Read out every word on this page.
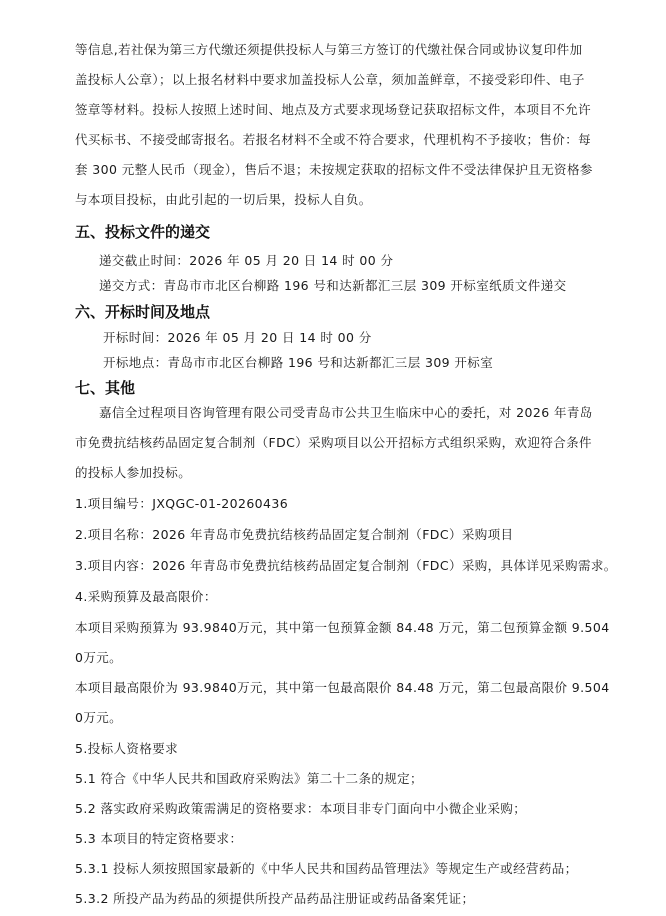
等信息,若社保为第三方代缴还须提供投标人与第三方签订的代缴社保合同或协议复印件加
盖投标人公章）；以上报名材料中要求加盖投标人公章，须加盖鲜章，不接受彩印件、电子
签章等材料。投标人按照上述时间、地点及方式要求现场登记获取招标文件，本项目不允许
代买标书、不接受邮寄报名。若报名材料不全或不符合要求，代理机构不予接收；售价：每
套 300 元整人民币（现金），售后不退；未按规定获取的招标文件不受法律保护且无资格参
与本项目投标，由此引起的一切后果，投标人自负。
五、投标文件的递交
递交截止时间：2026 年 05 月 20 日 14 时 00 分
递交方式：青岛市市北区台柳路 196 号和达新都汇三层 309 开标室纸质文件递交
六、开标时间及地点
开标时间：2026 年 05 月 20 日 14 时 00 分
开标地点：青岛市市北区台柳路 196 号和达新都汇三层 309 开标室
七、其他
嘉信全过程项目咨询管理有限公司受青岛市公共卫生临床中心的委托，对 2026 年青岛
市免费抗结核药品固定复合制剂（FDC）采购项目以公开招标方式组织采购，欢迎符合条件
的投标人参加投标。
1.项目编号：JXQGC-01-20260436
2.项目名称：2026 年青岛市免费抗结核药品固定复合制剂（FDC）采购项目
3.项目内容：2026 年青岛市免费抗结核药品固定复合制剂（FDC）采购，具体详见采购需求。
4.采购预算及最高限价：
本项目采购预算为 93.9840万元，其中第一包预算金额 84.48 万元，第二包预算金额 9.504
0万元。
本项目最高限价为 93.9840万元，其中第一包最高限价 84.48 万元，第二包最高限价 9.504
0万元。
5.投标人资格要求
5.1 符合《中华人民共和国政府采购法》第二十二条的规定；
5.2 落实政府采购政策需满足的资格要求：本项目非专门面向中小微企业采购；
5.3 本项目的特定资格要求：
5.3.1 投标人须按照国家最新的《中华人民共和国药品管理法》等规定生产或经营药品；
5.3.2 所投产品为药品的须提供所投产品药品注册证或药品备案凭证；
